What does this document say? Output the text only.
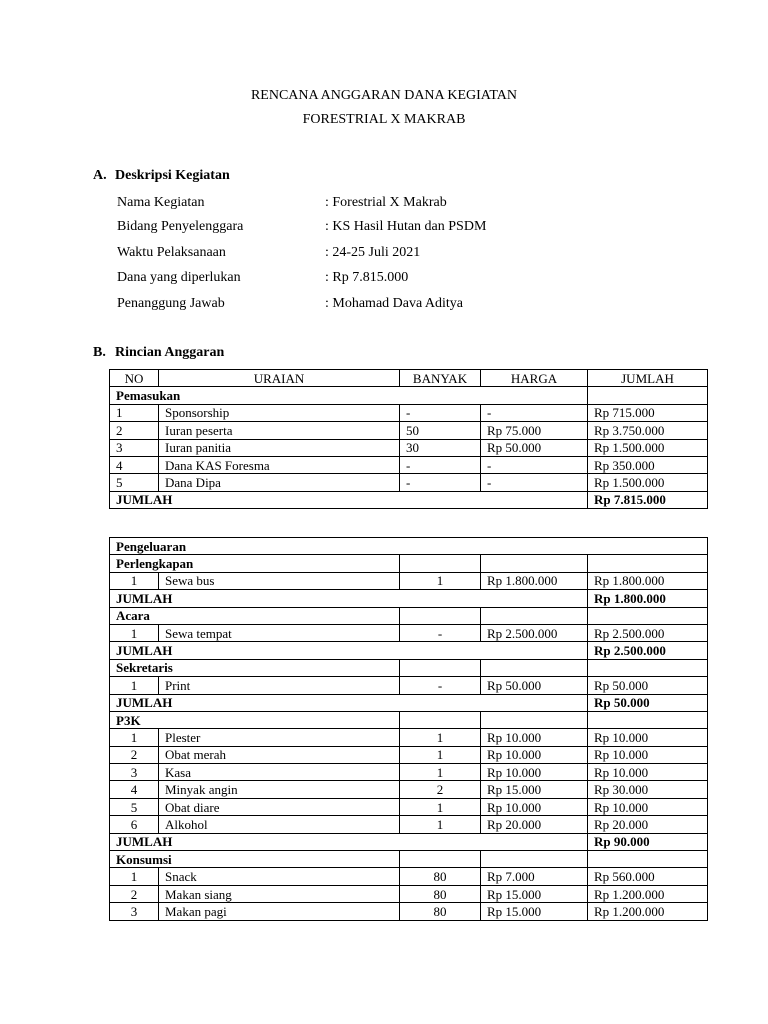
RENCANA ANGGARAN DANA KEGIATAN
FORESTRIAL X MAKRAB
A. Deskripsi Kegiatan
Nama Kegiatan	: Forestrial X Makrab
Bidang Penyelenggara	: KS Hasil Hutan dan PSDM
Waktu Pelaksanaan	: 24-25 Juli 2021
Dana yang diperlukan	: Rp 7.815.000
Penanggung Jawab	: Mohamad Dava Aditya
B. Rincian Anggaran
NO	URAIAN	BANYAK	HARGA	JUMLAH
Pemasukan				
1	Sponsorship	-	-	Rp 715.000
2	Iuran peserta	50	Rp 75.000	Rp 3.750.000
3	Iuran panitia	30	Rp 50.000	Rp 1.500.000
4	Dana KAS Foresma	-	-	Rp 350.000
5	Dana Dipa	-	-	Rp 1.500.000
JUMLAH				Rp 7.815.000
Pengeluaran				
Perlengkapan				
1	Sewa bus	1	Rp 1.800.000	Rp 1.800.000
JUMLAH				Rp 1.800.000
Acara				
1	Sewa tempat	-	Rp 2.500.000	Rp 2.500.000
JUMLAH				Rp 2.500.000
Sekretaris				
1	Print	-	Rp 50.000	Rp 50.000
JUMLAH				Rp 50.000
P3K				
1	Plester	1	Rp 10.000	Rp 10.000
2	Obat merah	1	Rp 10.000	Rp 10.000
3	Kasa	1	Rp 10.000	Rp 10.000
4	Minyak angin	2	Rp 15.000	Rp 30.000
5	Obat diare	1	Rp 10.000	Rp 10.000
6	Alkohol	1	Rp 20.000	Rp 20.000
JUMLAH				Rp 90.000
Konsumsi				
1	Snack	80	Rp 7.000	Rp 560.000
2	Makan siang	80	Rp 15.000	Rp 1.200.000
3	Makan pagi	80	Rp 15.000	Rp 1.200.000
